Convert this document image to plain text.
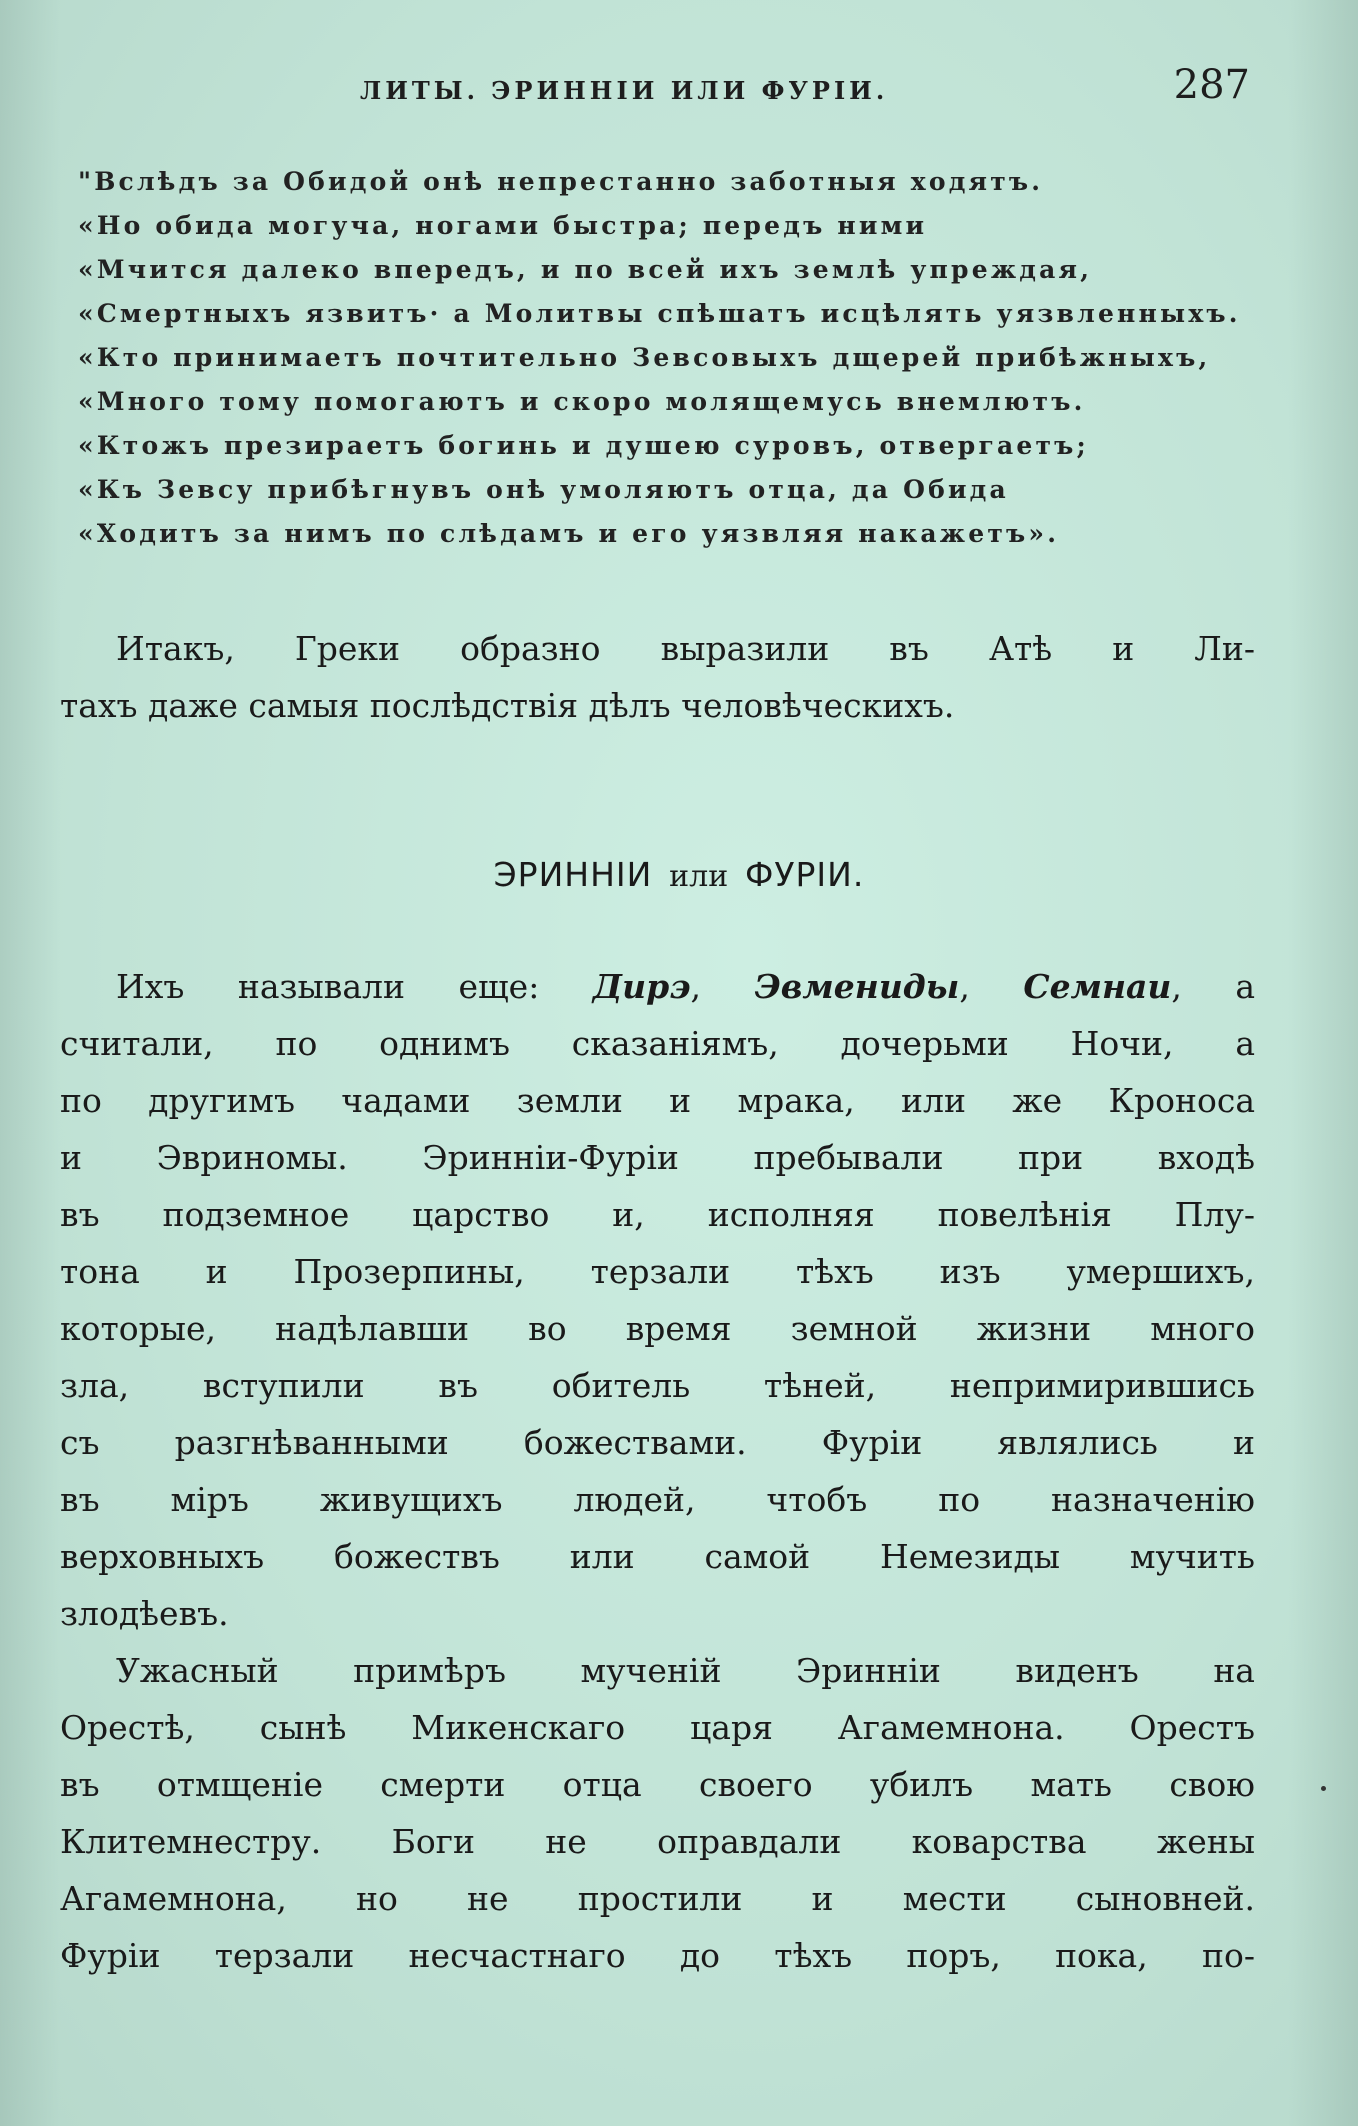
ЛИТЫ. ЭРИННIИ ИЛИ ФУРIИ.	287
"Вслѣдъ за Обидой онѣ непрестанно заботныя ходятъ.
«Но обида могуча, ногами быстра; передъ ними
«Мчится далеко впередъ, и по всей ихъ землѣ упреждая,
«Смертныхъ язвитъ· а Молитвы спѣшатъ исцѣлять уязвленныхъ.
«Кто принимаетъ почтительно Зевсовыхъ дщерей прибѣжныхъ,
«Много тому помогаютъ и скоро молящемусь внемлютъ.
«Ктожъ презираетъ богинь и душею суровъ, отвергаетъ;
«Къ Зевсу прибѣгнувъ онѣ умоляютъ отца, да Обида
«Ходитъ за нимъ по слѣдамъ и его уязвляя накажетъ».
Итакъ, Греки образно выразили въ Атѣ и Ли-
тахъ даже самыя послѣдствія дѣлъ человѣческихъ.
ЭРИННIИ или ФУРIИ.
Ихъ называли еще: Дирэ, Эвмениды, Семнаи, а
считали, по однимъ сказаніямъ, дочерьми Ночи, а
по другимъ чадами земли и мрака, или же Кроноса
и Эвриномы. Эринніи-Фуріи пребывали при входѣ
въ подземное царство и, исполняя повелѣнія Плу-
тона и Прозерпины, терзали тѣхъ изъ умершихъ,
которые, надѣлавши во время земной жизни много
зла, вступили въ обитель тѣней, непримирившись
съ разгнѣванными божествами. Фуріи являлись и
въ міръ живущихъ людей, чтобъ по назначенію
верховныхъ божествъ или самой Немезиды мучить
злодѣевъ.
Ужасный примѣръ мученій Эринніи виденъ на
Орестѣ, сынѣ Микенскаго царя Агамемнона. Орестъ
въ отмщеніе смерти отца своего убилъ мать свою
Клитемнестру. Боги не оправдали коварства жены
Агамемнона, но не простили и мести сыновней.
Фуріи терзали несчастнаго до тѣхъ поръ, пока, по-
